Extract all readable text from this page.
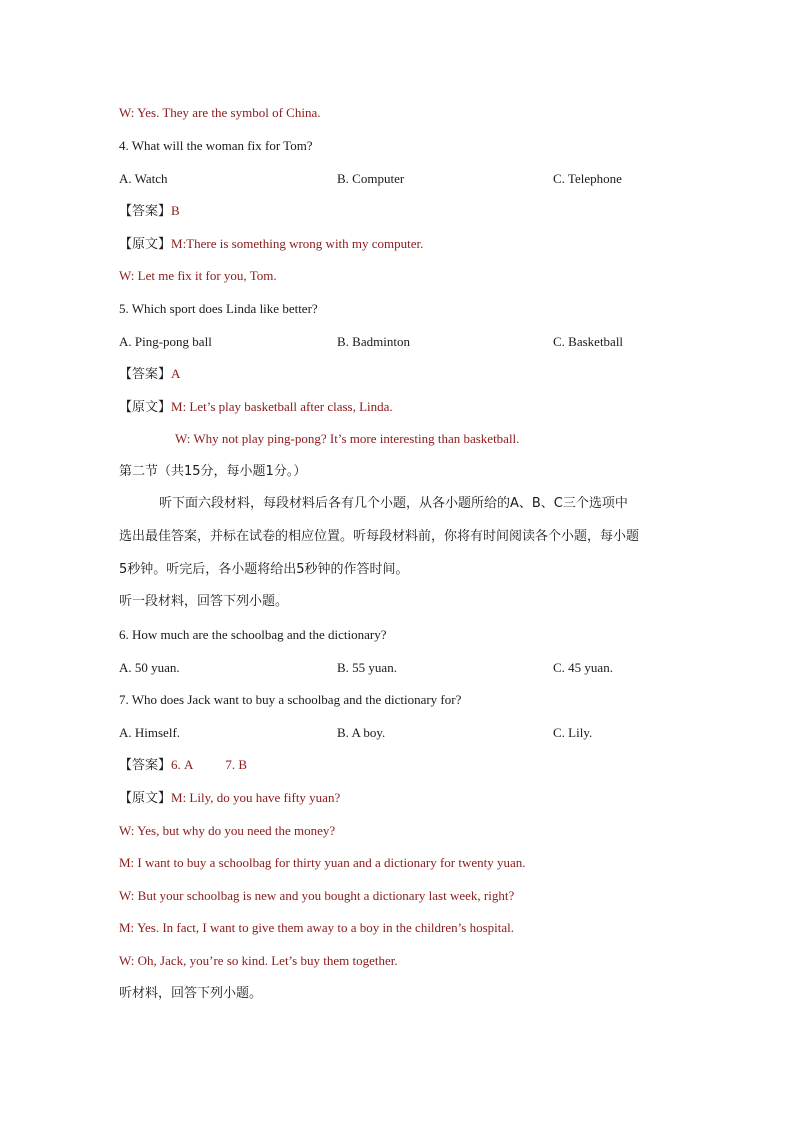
W: Yes. They are the symbol of China.
4. What will the woman fix for Tom?
A. Watch	B. Computer	C. Telephone
【答案】B
【原文】M:There is something wrong with my computer.
W: Let me fix it for you, Tom.
5. Which sport does Linda like better?
A. Ping-pong ball	B. Badminton	C. Basketball
【答案】A
【原文】M: Let’s play basketball after class, Linda.
W: Why not play ping-pong? It’s more interesting than basketball.
第二节（共15分，每小题1分。）
听下面六段材料，每段材料后各有几个小题，从各小题所给的A、B、C三个选项中
选出最佳答案，并标在试卷的相应位置。听每段材料前，你将有时间阅读各个小题，每小题
5秒钟。听完后，各小题将给出5秒钟的作答时间。
听一段材料，回答下列小题。
6. How much are the schoolbag and the dictionary?
A. 50 yuan.	B. 55 yuan.	C. 45 yuan.
7. Who does Jack want to buy a schoolbag and the dictionary for?
A. Himself.	B. A boy.	C. Lily.
【答案】6. A 7. B
【原文】M: Lily, do you have fifty yuan?
W: Yes, but why do you need the money?
M: I want to buy a schoolbag for thirty yuan and a dictionary for twenty yuan.
W: But your schoolbag is new and you bought a dictionary last week, right?
M: Yes. In fact, I want to give them away to a boy in the children’s hospital.
W: Oh, Jack, you’re so kind. Let’s buy them together.
听材料，回答下列小题。
